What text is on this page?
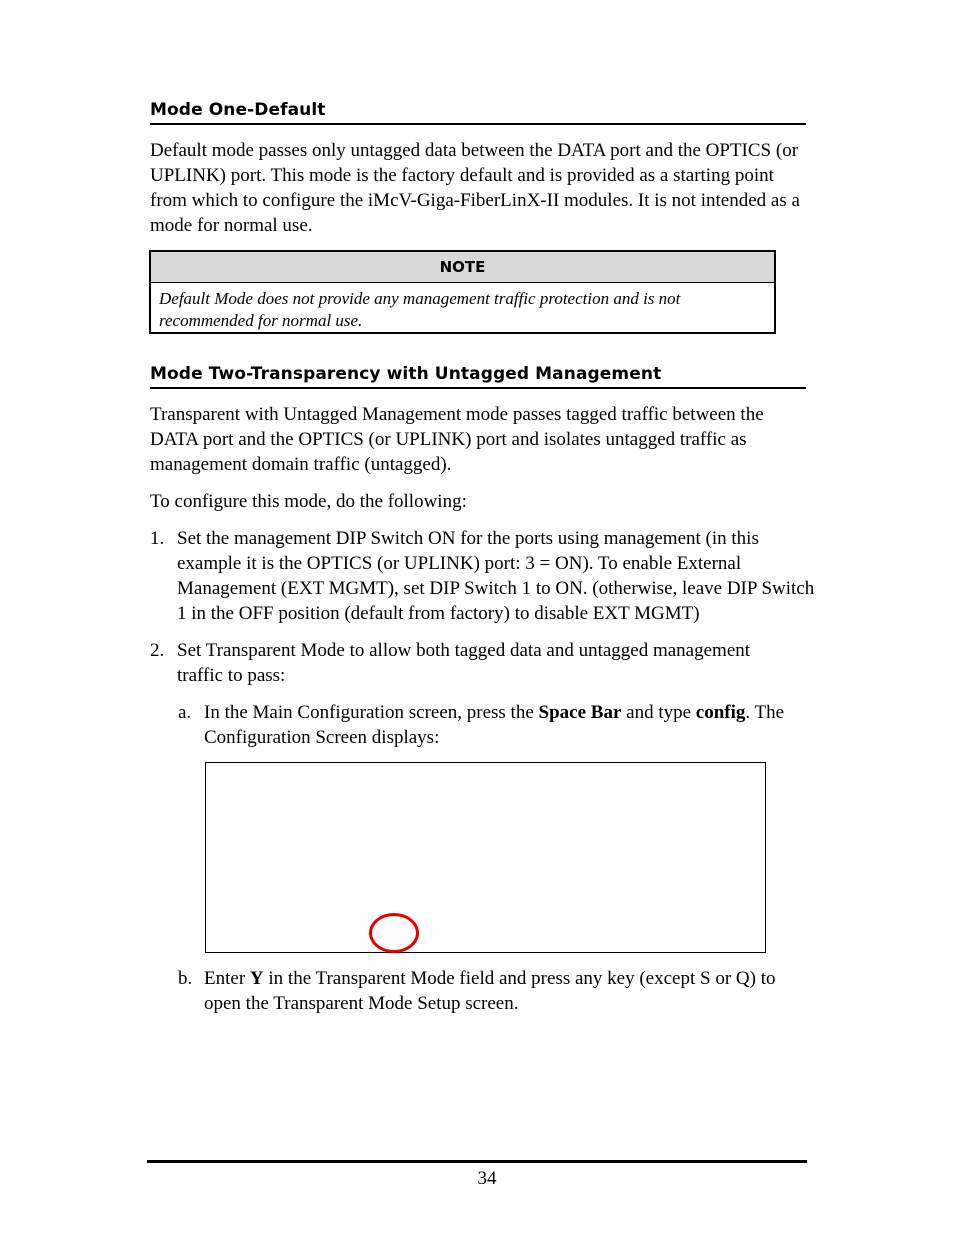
Mode One-Default
Default mode passes only untagged data between the DATA port and the OPTICS (or
UPLINK) port. This mode is the factory default and is provided as a starting point
from which to configure the iMcV-Giga-FiberLinX-II modules. It is not intended as a
mode for normal use.
NOTE
Default Mode does not provide any management traffic protection and is not
recommended for normal use.
Mode Two-Transparency with Untagged Management
Transparent with Untagged Management mode passes tagged traffic between the
DATA port and the OPTICS (or UPLINK) port and isolates untagged traffic as
management domain traffic (untagged).
To configure this mode, do the following:
1. Set the management DIP Switch ON for the ports using management (in this
example it is the OPTICS (or UPLINK) port: 3 = ON). To enable External
Management (EXT MGMT), set DIP Switch 1 to ON. (otherwise, leave DIP Switch
1 in the OFF position (default from factory) to disable EXT MGMT)
2. Set Transparent Mode to allow both tagged data and untagged management
traffic to pass:
a. In the Main Configuration screen, press the Space Bar and type config. The
Configuration Screen displays:
b. Enter Y in the Transparent Mode field and press any key (except S or Q) to
open the Transparent Mode Setup screen.
34
